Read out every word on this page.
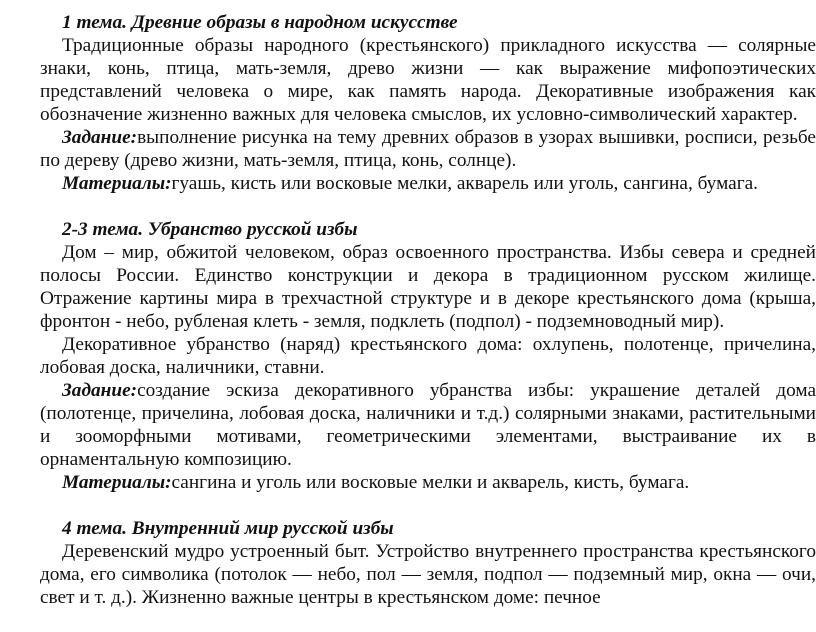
1 тема. Древние образы в народном искусстве

Традиционные образы народного (крестьянского) прикладного искусства — солярные знаки, конь, птица, мать-земля, древо жизни — как выражение мифопоэтических представлений человека о мире, как память народа. Декоративные изображения как обозначение жизненно важных для человека смыслов, их условно-символический характер.

Задание:выполнение рисунка на тему древних образов в узорах вышивки, росписи, резьбе по дереву (древо жизни, мать-земля, птица, конь, солнце).

Материалы:гуашь, кисть или восковые мелки, акварель или уголь, сангина, бумага.

2-3 тема. Убранство русской избы

Дом – мир, обжитой человеком, образ освоенного пространства. Избы севера и средней полосы России. Единство конструкции и декора в традиционном русском жилище. Отражение картины мира в трехчастной структуре и в декоре крестьянского дома (крыша, фронтон - небо, рубленая клеть - земля, подклеть (подпол) - подземноводный мир).

Декоративное убранство (наряд) крестьянского дома: охлупень, полотенце, причелина, лобовая доска, наличники, ставни.

Задание:создание эскиза декоративного убранства избы: украшение деталей дома (полотенце, причелина, лобовая доска, наличники и т.д.) солярными знаками, растительными и зооморфными мотивами, геометрическими элементами, выстраивание их в орнаментальную композицию.

Материалы:сангина и уголь или восковые мелки и акварель, кисть, бумага.

4 тема. Внутренний мир русской избы

Деревенский мудро устроенный быт. Устройство внутреннего пространства крестьянского дома, его символика (потолок — небо, пол — земля, подпол — подземный мир, окна — очи, свет и т. д.). Жизненно важные центры в крестьянском доме: печное
